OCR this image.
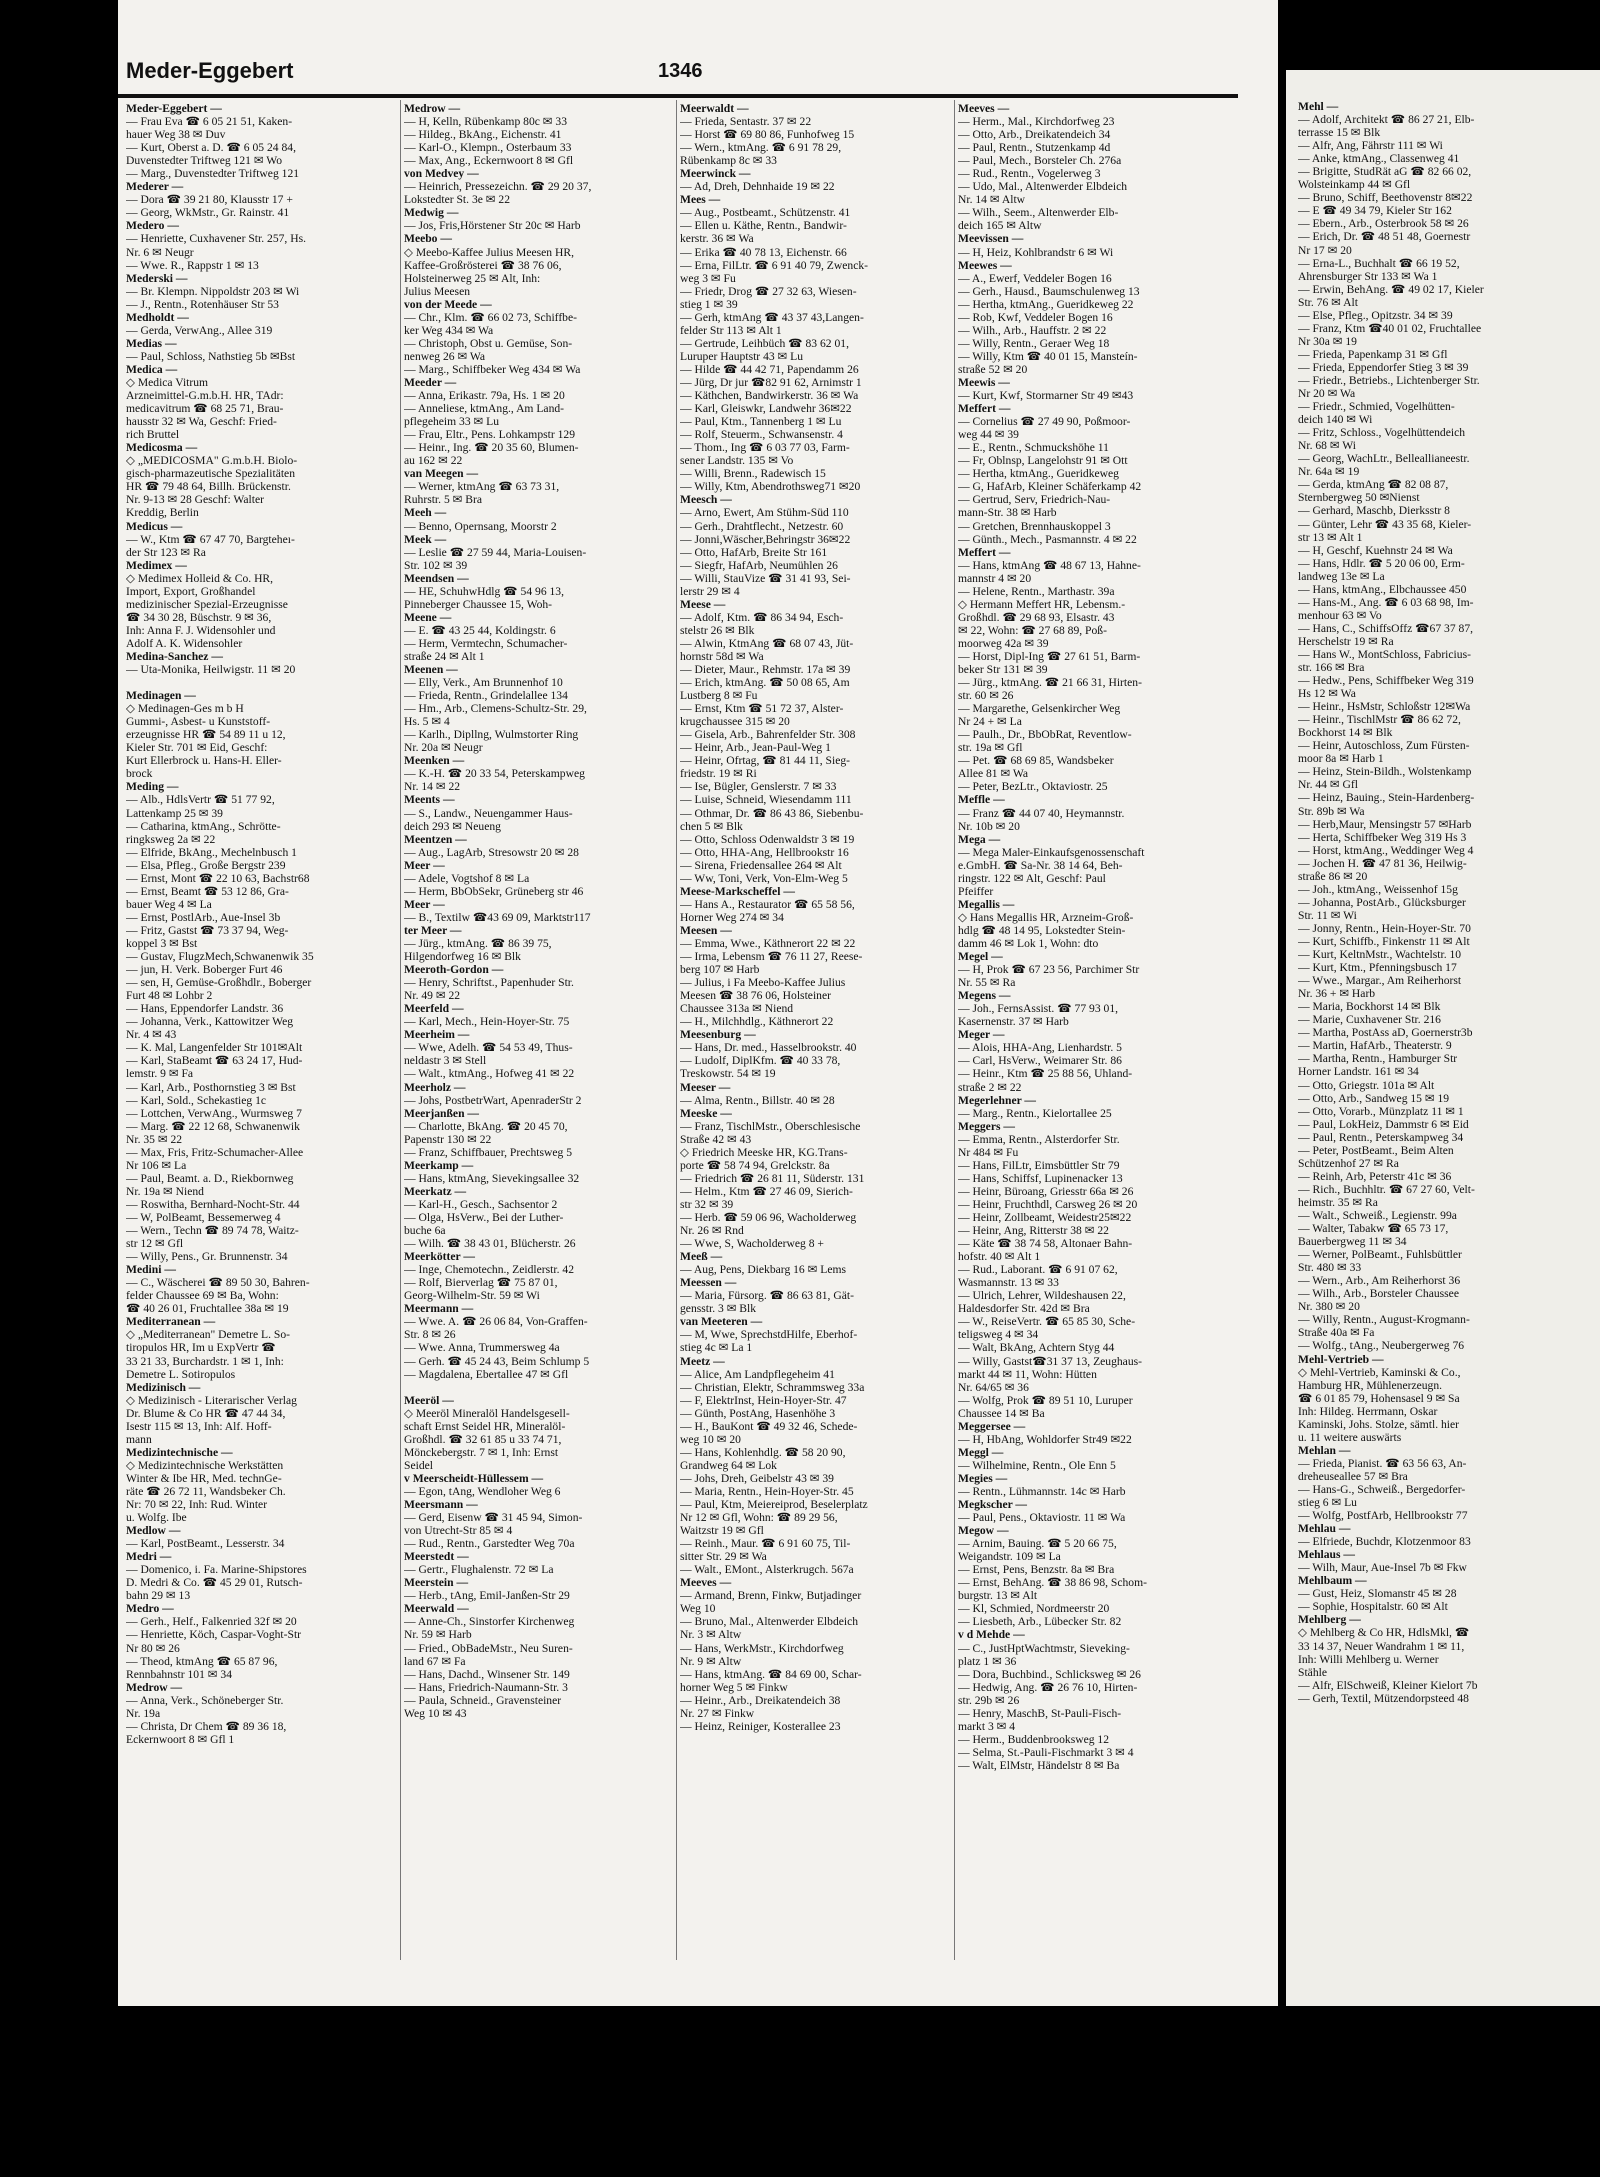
Meder-Eggebert	1346
Meder-Eggebert —
— Frau Eva ☎ 6 05 21 51, Kaken-
hauer Weg 38 ✉ Duv
— Kurt, Oberst a. D. ☎ 6 05 24 84,
Duvenstedter Triftweg 121 ✉ Wo
— Marg., Duvenstedter Triftweg 121
Mederer —
— Dora ☎ 39 21 80, Klausstr 17 +
— Georg, WkMstr., Gr. Rainstr. 41
Medero —
— Henriette, Cuxhavener Str. 257, Hs.
Nr. 6 ✉ Neugr
— Wwe. R., Rappstr 1 ✉ 13
Mederski —
— Br. Klempn. Nippoldstr 203 ✉ Wi
— J., Rentn., Rotenhäuser Str 53
Medholdt —
— Gerda, VerwAng., Allee 319
Medias —
— Paul, Schloss, Nathstieg 5b ✉Bst
Medica —
◇ Medica Vitrum
Arzneimittel-G.m.b.H. HR, TAdr:
medicavitrum ☎ 68 25 71, Brau-
hausstr 32 ✉ Wa, Geschf: Fried-
rich Bruttel
Medicosma —
◇ „MEDICOSMA" G.m.b.H. Biolo-
gisch-pharmazeutische Spezialitäten
HR ☎ 79 48 64, Billh. Brückenstr.
Nr. 9-13 ✉ 28 Geschf: Walter
Kreddig, Berlin
Medicus —
— W., Ktm ☎ 67 47 70, Bargteheı-
der Str 123 ✉ Ra
Medimex —
◇ Medimex Holleid & Co. HR,
Import, Export, Großhandel
medizinischer Spezial-Erzeugnisse
☎ 34 30 28, Büschstr. 9 ✉ 36,
Inh: Anna F. J. Widensohler und
Adolf A. K. Widensohler
Medina-Sanchez —
— Uta-Monika, Heilwigstr. 11 ✉ 20

Medinagen —
◇ Medinagen-Ges m b H
Gummi-, Asbest- u Kunststoff-
erzeugnisse HR ☎ 54 89 11 u 12,
Kieler Str. 701 ✉ Eid, Geschf:
Kurt Ellerbrock u. Hans-H. Eller-
brock
Meding —
— Alb., HdlsVertr ☎ 51 77 92,
Lattenkamp 25 ✉ 39
— Catharina, ktmAng., Schrötte-
ringksweg 2a ✉ 22
— Elfride, BkAng., Mechelnbusch 1
— Elsa, Pfleg., Große Bergstr 239
— Ernst, Mont ☎ 22 10 63, Bachstr68
— Ernst, Beamt ☎ 53 12 86, Gra-
bauer Weg 4 ✉ La
— Ernst, PostlArb., Aue-Insel 3b
— Fritz, Gastst ☎ 73 37 94, Weg-
koppel 3 ✉ Bst
— Gustav, FlugzMech,Schwanenwik 35
— jun, H. Verk. Boberger Furt 46
— sen, H, Gemüse-Großhdlr., Boberger
Furt 48 ✉ Lohbr 2
— Hans, Eppendorfer Landstr. 36
— Johanna, Verk., Kattowitzer Weg
Nr. 4 ✉ 43
— K. Mal, Langenfelder Str 101✉Alt
— Karl, StaBeamt ☎ 63 24 17, Hud-
lemstr. 9 ✉ Fa
— Karl, Arb., Posthornstieg 3 ✉ Bst
— Karl, Sold., Schekastieg 1c
— Lottchen, VerwAng., Wurmsweg 7
— Marg. ☎ 22 12 68, Schwanenwik
Nr. 35 ✉ 22
— Max, Fris, Fritz-Schumacher-Allee
Nr 106 ✉ La
— Paul, Beamt. a. D., Riekbornweg
Nr. 19a ✉ Niend
— Roswitha, Bernhard-Nocht-Str. 44
— W, PolBeamt, Bessemerweg 4
— Wern., Techn ☎ 89 74 78, Waitz-
str 12 ✉ Gfl
— Willy, Pens., Gr. Brunnenstr. 34
Medini —
— C., Wäscherei ☎ 89 50 30, Bahren-
felder Chaussee 69 ✉ Ba, Wohn:
☎ 40 26 01, Fruchtallee 38a ✉ 19
Mediterranean —
◇ „Mediterranean" Demetre L. So-
tiropulos HR, Im u ExpVertr ☎
33 21 33, Burchardstr. 1 ✉ 1, Inh:
Demetre L. Sotiropulos
Medizinisch —
◇ Medizinisch - Literarischer Verlag
Dr. Blume & Co HR ☎ 47 44 34,
Isestr 115 ✉ 13, Inh: Alf. Hoff-
mann
Medizintechnische —
◇ Medizintechnische Werkstätten
Winter & Ibe HR, Med. technGe-
räte ☎ 26 72 11, Wandsbeker Ch.
Nr: 70 ✉ 22, Inh: Rud. Winter
u. Wolfg. Ibe
Medlow —
— Karl, PostBeamt., Lesserstr. 34
Medri —
— Domenico, i. Fa. Marine-Shipstores
D. Medri & Co. ☎ 45 29 01, Rutsch-
bahn 29 ✉ 13
Medro —
— Gerh., Helf., Falkenried 32f ✉ 20
— Henriette, Köch, Caspar-Voght-Str
Nr 80 ✉ 26
— Theod, ktmAng ☎ 65 87 96,
Rennbahnstr 101 ✉ 34
Medrow —
— Anna, Verk., Schöneberger Str.
Nr. 19a
— Christa, Dr Chem ☎ 89 36 18,
Eckernwoort 8 ✉ Gfl 1
Medrow —
— H, Kelln, Rübenkamp 80c ✉ 33
— Hildeg., BkAng., Eichenstr. 41
— Karl-O., Klempn., Osterbaum 33
— Max, Ang., Eckernwoort 8 ✉ Gfl
von Medvey —
— Heinrich, Pressezeichn. ☎ 29 20 37,
Lokstedter St. 3e ✉ 22
Medwig —
— Jos, Fris,Hörstener Str 20c ✉ Harb
Meebo —
◇ Meebo-Kaffee Julius Meesen HR,
Kaffee-Großrösterei ☎ 38 76 06,
Holsteinerweg 25 ✉ Alt, Inh:
Julius Meesen
von der Meede —
— Chr., Klm. ☎ 66 02 73, Schiffbe-
ker Weg 434 ✉ Wa
— Christoph, Obst u. Gemüse, Son-
nenweg 26 ✉ Wa
— Marg., Schiffbeker Weg 434 ✉ Wa
Meeder —
— Anna, Erikastr. 79a, Hs. 1 ✉ 20
— Anneliese, ktmAng., Am Land-
pflegeheim 33 ✉ Lu
— Frau, Eltr., Pens. Lohkampstr 129
— Heinr., Ing. ☎ 20 35 60, Blumen-
au 162 ✉ 22
van Meegen —
— Werner, ktmAng ☎ 63 73 31,
Ruhrstr. 5 ✉ Bra
Meeh —
— Benno, Opernsang, Moorstr 2
Meek —
— Leslie ☎ 27 59 44, Maria-Louisen-
Str. 102 ✉ 39
Meendsen —
— HE, SchuhwHdlg ☎ 54 96 13,
Pinneberger Chaussee 15, Woh-
Meene —
— E. ☎ 43 25 44, Koldingstr. 6
— Herm, Vermtechn, Schumacher-
straße 24 ✉ Alt 1
Meenen —
— Elly, Verk., Am Brunnenhof 10
— Frieda, Rentn., Grindelallee 134
— Hm., Arb., Clemens-Schultz-Str. 29,
Hs. 5 ✉ 4
— Karlh., Dipllng, Wulmstorter Ring
Nr. 20a ✉ Neugr
Meenken —
— K.-H. ☎ 20 33 54, Peterskampweg
Nr. 14 ✉ 22
Meents —
— S., Landw., Neuengammer Haus-
deich 293 ✉ Neueng
Meentzen —
— Aug., LagArb, Stresowstr 20 ✉ 28
Meer —
— Adele, Vogtshof 8 ✉ La
— Herm, BbObSekr, Grüneberg str 46
Meer —
— B., Textilw ☎43 69 09, Marktstr117
ter Meer —
— Jürg., ktmAng. ☎ 86 39 75,
Hilgendorfweg 16 ✉ Blk
Meeroth-Gordon —
— Henry, Schriftst., Papenhuder Str.
Nr. 49 ✉ 22
Meerfeld —
— Karl, Mech., Hein-Hoyer-Str. 75
Meerheim —
— Wwe, Adelh. ☎ 54 53 49, Thus-
neldastr 3 ✉ Stell
— Walt., ktmAng., Hofweg 41 ✉ 22
Meerholz —
— Johs, PostbetrWart, ApenraderStr 2
Meerjanßen —
— Charlotte, BkAng. ☎ 20 45 70,
Papenstr 130 ✉ 22
— Franz, Schiffbauer, Prechtsweg 5
Meerkamp —
— Hans, ktmAng, Sievekingsallee 32
Meerkatz —
— Karl-H., Gesch., Sachsentor 2
— Olga, HsVerw., Bei der Luther-
buche 6a
— Wilh. ☎ 38 43 01, Blücherstr. 26
Meerkötter —
— Inge, Chemotechn., Zeidlerstr. 42
— Rolf, Bierverlag ☎ 75 87 01,
Georg-Wilhelm-Str. 59 ✉ Wi
Meermann —
— Wwe. A. ☎ 26 06 84, Von-Graffen-
Str. 8 ✉ 26
— Wwe. Anna, Trummersweg 4a
— Gerh. ☎ 45 24 43, Beim Schlump 5
— Magdalena, Ebertallee 47 ✉ Gfl

Meeröl —
◇ Meeröl Mineralöl Handelsgesell-
schaft Ernst Seidel HR, Mineralöl-
Großhdl. ☎ 32 61 85 u 33 74 71,
Mönckebergstr. 7 ✉ 1, Inh: Ernst
Seidel
v Meerscheidt-Hüllessem —
— Egon, tAng, Wendloher Weg 6
Meersmann —
— Gerd, Eisenw ☎ 31 45 94, Simon-
von Utrecht-Str 85 ✉ 4
— Rud., Rentn., Garstedter Weg 70a
Meerstedt —
— Gertr., Flughalenstr. 72 ✉ La
Meerstein —
— Herb., tAng, Emil-Janßen-Str 29
Meerwald —
— Anne-Ch., Sinstorfer Kirchenweg
Nr. 59 ✉ Harb
— Fried., ObBadeMstr., Neu Suren-
land 67 ✉ Fa
— Hans, Dachd., Winsener Str. 149
— Hans, Friedrich-Naumann-Str. 3
— Paula, Schneid., Gravensteiner
Weg 10 ✉ 43
Meerwaldt —
— Frieda, Sentastr. 37 ✉ 22
— Horst ☎ 69 80 86, Funhofweg 15
— Wern., ktmAng. ☎ 6 91 78 29,
Rübenkamp 8c ✉ 33
Meerwinck —
— Ad, Dreh, Dehnhaide 19 ✉ 22
Mees —
— Aug., Postbeamt., Schützenstr. 41
— Ellen u. Käthe, Rentn., Bandwir-
kerstr. 36 ✉ Wa
— Erika ☎ 40 78 13, Eichenstr. 66
— Erna, FilLtr. ☎ 6 91 40 79, Zwenck-
weg 3 ✉ Fu
— Friedr, Drog ☎ 27 32 63, Wiesen-
stieg 1 ✉ 39
— Gerh, ktmAng ☎ 43 37 43,Langen-
felder Str 113 ✉ Alt 1
— Gertrude, Leihbüch ☎ 83 62 01,
Luruper Hauptstr 43 ✉ Lu
— Hilde ☎ 44 42 71, Papendamm 26
— Jürg, Dr jur ☎82 91 62, Arnimstr 1
— Käthchen, Bandwirkerstr. 36 ✉ Wa
— Karl, Gleiswkr, Landwehr 36✉22
— Paul, Ktm., Tannenberg 1 ✉ Lu
— Rolf, Steuerm., Schwansenstr. 4
— Thom., Ing ☎ 6 03 77 03, Farm-
sener Landstr. 135 ✉ Vo
— Willi, Brenn., Radewisch 15
— Willy, Ktm, Abendrothsweg71 ✉20
Meesch —
— Arno, Ewert, Am Stühm-Süd 110
— Gerh., Drahtflecht., Netzestr. 60
— Jonni,Wäscher,Behringstr 36✉22
— Otto, HafArb, Breite Str 161
— Siegfr, HafArb, Neumühlen 26
— Willi, StauVize ☎ 31 41 93, Sei-
lerstr 29 ✉ 4
Meese —
— Adolf, Ktm. ☎ 86 34 94, Esch-
stelstr 26 ✉ Blk
— Alwin, KtmAng ☎ 68 07 43, Jüt-
hornstr 58d ✉ Wa
— Dieter, Maur., Rehmstr. 17a ✉ 39
— Erich, ktmAng. ☎ 50 08 65, Am
Lustberg 8 ✉ Fu
— Ernst, Ktm ☎ 51 72 37, Alster-
krugchaussee 315 ✉ 20
— Gisela, Arb., Bahrenfelder Str. 308
— Heinr, Arb., Jean-Paul-Weg 1
— Heinr, Ofrtag, ☎ 81 44 11, Sieg-
friedstr. 19 ✉ Ri
— Ise, Bügler, Genslerstr. 7 ✉ 33
— Luise, Schneid, Wiesendamm 111
— Othmar, Dr. ☎ 86 43 86, Siebenbu-
chen 5 ✉ Blk
— Otto, Schloss Odenwaldstr 3 ✉ 19
— Otto, HHA-Ang, Hellbrookstr 16
— Sirena, Friedensallee 264 ✉ Alt
— Ww, Toni, Verk, Von-Elm-Weg 5
Meese-Markscheffel —
— Hans A., Restaurator ☎ 65 58 56,
Horner Weg 274 ✉ 34
Meesen —
— Emma, Wwe., Käthnerort 22 ✉ 22
— Irma, Lebensm ☎ 76 11 27, Reese-
berg 107 ✉ Harb
— Julius, i Fa Meebo-Kaffee Julius
Meesen ☎ 38 76 06, Holsteiner
Chaussee 313a ✉ Niend
— H., Milchhdlg., Käthnerort 22
Meesenburg —
— Hans, Dr. med., Hasselbrookstr. 40
— Ludolf, DiplKfm. ☎ 40 33 78,
Treskowstr. 54 ✉ 19
Meeser —
— Alma, Rentn., Billstr. 40 ✉ 28
Meeske —
— Franz, TischlMstr., Oberschlesische
Straße 42 ✉ 43
◇ Friedrich Meeske HR, KG.Trans-
porte ☎ 58 74 94, Grelckstr. 8a
— Friedrich ☎ 26 81 11, Süderstr. 131
— Helm., Ktm ☎ 27 46 09, Sierich-
str 32 ✉ 39
— Herb. ☎ 59 06 96, Wacholderweg
Nr. 26 ✉ Rnd
— Wwe, S, Wacholderweg 8 +
Meeß —
— Aug, Pens, Diekbarg 16 ✉ Lems
Meessen —
— Maria, Fürsorg. ☎ 86 63 81, Gät-
gensstr. 3 ✉ Blk
van Meeteren —
— M, Wwe, SprechstdHilfe, Eberhof-
stieg 4c ✉ La 1
Meetz —
— Alice, Am Landpflegeheim 41
— Christian, Elektr, Schrammsweg 33a
— F, ElektrInst, Hein-Hoyer-Str. 47
— Günth, PostAng, Hasenhöhe 3
— H., BauKont ☎ 49 32 46, Schede-
weg 10 ✉ 20
— Hans, Kohlenhdlg. ☎ 58 20 90,
Grandweg 64 ✉ Lok
— Johs, Dreh, Geibelstr 43 ✉ 39
— Maria, Rentn., Hein-Hoyer-Str. 45
— Paul, Ktm, Meiereiprod, Beselerplatz
Nr 12 ✉ Gfl, Wohn: ☎ 89 29 56,
Waitzstr 19 ✉ Gfl
— Reinh., Maur. ☎ 6 91 60 75, Til-
sitter Str. 29 ✉ Wa
— Walt., EMont., Alsterkrugch. 567a
Meeves —
— Armand, Brenn, Finkw, Butjadinger
Weg 10
— Bruno, Mal., Altenwerder Elbdeich
Nr. 3 ✉ Altw
— Hans, WerkMstr., Kirchdorfweg
Nr. 9 ✉ Altw
— Hans, ktmAng. ☎ 84 69 00, Schar-
horner Weg 5 ✉ Finkw
— Heinr., Arb., Dreikatendeich 38
Nr. 27 ✉ Finkw
— Heinz, Reiniger, Kosterallee 23
Meeves —
— Herm., Mal., Kirchdorfweg 23
— Otto, Arb., Dreikatendeich 34
— Paul, Rentn., Stutzenkamp 4d
— Paul, Mech., Borsteler Ch. 276a
— Rud., Rentn., Vogelerweg 3
— Udo, Mal., Altenwerder Elbdeich
Nr. 14 ✉ Altw
— Wilh., Seem., Altenwerder Elb-
deich 165 ✉ Altw
Meevissen —
— H, Heiz, Kohlbrandstr 6 ✉ Wi
Meewes —
— A., Ewerf, Veddeler Bogen 16
— Gerh., Hausd., Baumschulenweg 13
— Hertha, ktmAng., Gueridkeweg 22
— Rob, Kwf, Veddeler Bogen 16
— Wilh., Arb., Hauffstr. 2 ✉ 22
— Willy, Rentn., Geraer Weg 18
— Willy, Ktm ☎ 40 01 15, Mansteín-
straße 52 ✉ 20
Meewis —
— Kurt, Kwf, Stormarner Str 49 ✉43
Meffert —
— Cornelius ☎ 27 49 90, Poßmoor-
weg 44 ✉ 39
— E., Rentn., Schmuckshöhe 11
— Fr, Oblnsp, Langelohstr 91 ✉ Ott
— Hertha, ktmAng., Gueridkeweg
— G, HafArb, Kleiner Schäferkamp 42
— Gertrud, Serv, Friedrich-Nau-
mann-Str. 38 ✉ Harb
— Gretchen, Brennhauskoppel 3
— Günth., Mech., Pasmannstr. 4 ✉ 22
Meffert —
— Hans, ktmAng ☎ 48 67 13, Hahne-
mannstr 4 ✉ 20
— Helene, Rentn., Marthastr. 39a
◇ Hermann Meffert HR, Lebensm.-
Großhdl. ☎ 29 68 93, Elsastr. 43
✉ 22, Wohn: ☎ 27 68 89, Poß-
moorweg 42a ✉ 39
— Horst, Dipl-Ing ☎ 27 61 51, Barm-
beker Str 131 ✉ 39
— Jürg., ktmAng. ☎ 21 66 31, Hirten-
str. 60 ✉ 26
— Margarethe, Gelsenkircher Weg
Nr 24 + ✉ La
— Paulh., Dr., BbObRat, Reventlow-
str. 19a ✉ Gfl
— Pet. ☎ 68 69 85, Wandsbeker
Allee 81 ✉ Wa
— Peter, BezLtr., Oktaviostr. 25
Meffle —
— Franz ☎ 44 07 40, Heymannstr.
Nr. 10b ✉ 20
Mega —
— Mega Maler-Einkaufsgenossenschaft
e.GmbH. ☎ Sa-Nr. 38 14 64, Beh-
ringstr. 122 ✉ Alt, Geschf: Paul
Pfeiffer
Megallis —
◇ Hans Megallis HR, Arzneim-Groß-
hdlg ☎ 48 14 95, Lokstedter Stein-
damm 46 ✉ Lok 1, Wohn: dto
Megel —
— H, Prok ☎ 67 23 56, Parchimer Str
Nr. 55 ✉ Ra
Megens —
— Joh., FernsAssist. ☎ 77 93 01,
Kasernenstr. 37 ✉ Harb
Meger —
— Alois, HHA-Ang, Lienhardstr. 5
— Carl, HsVerw., Weimarer Str. 86
— Heinr., Ktm ☎ 25 88 56, Uhland-
straße 2 ✉ 22
Megerlehner —
— Marg., Rentn., Kielortallee 25
Meggers —
— Emma, Rentn., Alsterdorfer Str.
Nr 484 ✉ Fu
— Hans, FilLtr, Eimsbüttler Str 79
— Hans, Schiffsf, Lupinenacker 13
— Heinr, Büroang, Griesstr 66a ✉ 26
— Heinr, Fruchthdl, Carsweg 26 ✉ 20
— Heinr, Zollbeamt, Weidestr25✉22
— Heinr, Ang, Ritterstr 38 ✉ 22
— Käte ☎ 38 74 58, Altonaer Bahn-
hofstr. 40 ✉ Alt 1
— Rud., Laborant. ☎ 6 91 07 62,
Wasmannstr. 13 ✉ 33
— Ulrich, Lehrer, Wildeshausen 22,
Haldesdorfer Str. 42d ✉ Bra
— W., ReiseVertr. ☎ 65 85 30, Sche-
teligsweg 4 ✉ 34
— Walt, BkAng, Achtern Styg 44
— Willy, Gastst☎31 37 13, Zeughaus-
markt 44 ✉ 11, Wohn: Hütten
Nr. 64/65 ✉ 36
— Wolfg, Prok ☎ 89 51 10, Luruper
Chaussee 14 ✉ Ba
Meggersee —
— H, HbAng, Wohldorfer Str49 ✉22
Meggl —
— Wilhelmine, Rentn., Ole Enn 5
Megies —
— Rentn., Lühmannstr. 14c ✉ Harb
Megkscher —
— Paul, Pens., Oktaviostr. 11 ✉ Wa
Megow —
— Arnim, Bauing. ☎ 5 20 66 75,
Weigandstr. 109 ✉ La
— Ernst, Pens, Benzstr. 8a ✉ Bra
— Ernst, BehAng. ☎ 38 86 98, Schom-
burgstr. 13 ✉ Alt
— Kl, Schmied, Nordmeerstr 20
— Liesbeth, Arb., Lübecker Str. 82
v d Mehde —
— C., JustHptWachtmstr, Sieveking-
platz 1 ✉ 36
— Dora, Buchbind., Schlicksweg ✉ 26
— Hedwig, Ang. ☎ 26 76 10, Hirten-
str. 29b ✉ 26
— Henry, MaschB, St-Pauli-Fisch-
markt 3 ✉ 4
— Herm., Buddenbrooksweg 12
— Selma, St.-Pauli-Fischmarkt 3 ✉ 4
— Walt, ElMstr, Händelstr 8 ✉ Ba
Mehl —
— Adolf, Architekt ☎ 86 27 21, Elb-
terrasse 15 ✉ Blk
— Alfr, Ang, Fährstr 111 ✉ Wi
— Anke, ktmAng., Classenweg 41
— Brigitte, StudRät aG ☎ 82 66 02,
Wolsteinkamp 44 ✉ Gfl
— Bruno, Schiff, Beethovenstr 8✉22
— E ☎ 49 34 79, Kieler Str 162
— Ebern., Arb., Osterbrook 58 ✉ 26
— Erich, Dr. ☎ 48 51 48, Goernestr
Nr 17 ✉ 20
— Erna-L., Buchhalt ☎ 66 19 52,
Ahrensburger Str 133 ✉ Wa 1
— Erwin, BehAng. ☎ 49 02 17, Kieler
Str. 76 ✉ Alt
— Else, Pfleg., Opitzstr. 34 ✉ 39
— Franz, Ktm ☎40 01 02, Fruchtallee
Nr 30a ✉ 19
— Frieda, Papenkamp 31 ✉ Gfl
— Frieda, Eppendorfer Stieg 3 ✉ 39
— Friedr., Betriebs., Lichtenberger Str.
Nr 20 ✉ Wa
— Friedr., Schmied, Vogelhütten-
deich 140 ✉ Wi
— Fritz, Schloss., Vogelhüttendeich
Nr. 68 ✉ Wi
— Georg, WachLtr., Belleallianeestr.
Nr. 64a ✉ 19
— Gerda, ktmAng ☎ 82 08 87,
Sternbergweg 50 ✉Nienst
— Gerhard, Maschb, Dierksstr 8
— Günter, Lehr ☎ 43 35 68, Kieler-
str 13 ✉ Alt 1
— H, Geschf, Kuehnstr 24 ✉ Wa
— Hans, Hdlr. ☎ 5 20 06 00, Erm-
landweg 13e ✉ La
— Hans, ktmAng., Elbchaussee 450
— Hans-M., Ang. ☎ 6 03 68 98, Im-
menhour 63 ✉ Vo
— Hans, C., SchiffsOffz ☎67 37 87,
Herschelstr 19 ✉ Ra
— Hans W., MontSchloss, Fabricius-
str. 166 ✉ Bra
— Hedw., Pens, Schiffbeker Weg 319
Hs 12 ✉ Wa
— Heinr., HsMstr, Schloßstr 12✉Wa
— Heinr., TischlMstr ☎ 86 62 72,
Bockhorst 14 ✉ Blk
— Heinr, Autoschloss, Zum Fürsten-
moor 8a ✉ Harb 1
— Heinz, Stein-Bildh., Wolstenkamp
Nr. 44 ✉ Gfl
— Heinz, Bauing., Stein-Hardenberg-
Str. 89b ✉ Wa
— Herb,Maur, Mensingstr 57 ✉Harb
— Herta, Schiffbeker Weg 319 Hs 3
— Horst, ktmAng., Weddinger Weg 4
— Jochen H. ☎ 47 81 36, Heilwig-
straße 86 ✉ 20
— Joh., ktmAng., Weissenhof 15g
— Johanna, PostArb., Glücksburger
Str. 11 ✉ Wi
— Jonny, Rentn., Hein-Hoyer-Str. 70
— Kurt, Schiffb., Finkenstr 11 ✉ Alt
— Kurt, KeltnMstr., Wachtelstr. 10
— Kurt, Ktm., Pfenningsbusch 17
— Wwe., Margar., Am Reiherhorst
Nr. 36 + ✉ Harb
— Maria, Bockhorst 14 ✉ Blk
— Marie, Cuxhavener Str. 216
— Martha, PostAss aD, Goernerstr3b
— Martin, HafArb., Theaterstr. 9
— Martha, Rentn., Hamburger Str
Horner Landstr. 161 ✉ 34
— Otto, Griegstr. 101a ✉ Alt
— Otto, Arb., Sandweg 15 ✉ 19
— Otto, Vorarb., Münzplatz 11 ✉ 1
— Paul, LokHeiz, Dammstr 6 ✉ Eid
— Paul, Rentn., Peterskampweg 34
— Peter, PostBeamt., Beim Alten
Schützenhof 27 ✉ Ra
— Reinh, Arb, Peterstr 41c ✉ 36
— Rich., Buchhltr. ☎ 67 27 60, Velt-
heimstr. 35 ✉ Ra
— Walt., Schweiß., Legienstr. 99a
— Walter, Tabakw ☎ 65 73 17,
Bauerbergweg 11 ✉ 34
— Werner, PolBeamt., Fuhlsbüttler
Str. 480 ✉ 33
— Wern., Arb., Am Reiherhorst 36
— Wilh., Arb., Borsteler Chaussee
Nr. 380 ✉ 20
— Willy, Rentn., August-Krogmann-
Straße 40a ✉ Fa
— Wolfg., tAng., Neubergerweg 76
Mehl-Vertrieb —
◇ Mehl-Vertrieb, Kaminski & Co.,
Hamburg HR, Mühlenerzeugn.
☎ 6 01 85 79, Hohensasel 9 ✉ Sa
Inh: Hildeg. Herrmann, Oskar
Kaminski, Johs. Stolze, sämtl. hier
u. 11 weitere auswärts
Mehlan —
— Frieda, Pianist. ☎ 63 56 63, An-
dreheuseallee 57 ✉ Bra
— Hans-G., Schweiß., Bergedorfer-
stieg 6 ✉ Lu
— Wolfg, PostfArb, Hellbrookstr 77
Mehlau —
— Elfriede, Buchdr, Klotzenmoor 83
Mehlaus —
— Wilh, Maur, Aue-Insel 7b ✉ Fkw
Mehlbaum —
— Gust, Heiz, Slomanstr 45 ✉ 28
— Sophie, Hospitalstr. 60 ✉ Alt
Mehlberg —
◇ Mehlberg & Co HR, HdlsMkl, ☎
33 14 37, Neuer Wandrahm 1 ✉ 11,
Inh: Willi Mehlberg u. Werner
Stähle
— Alfr, ElSchweiß, Kleiner Kielort 7b
— Gerh, Textil, Mützendorpsteed 48
